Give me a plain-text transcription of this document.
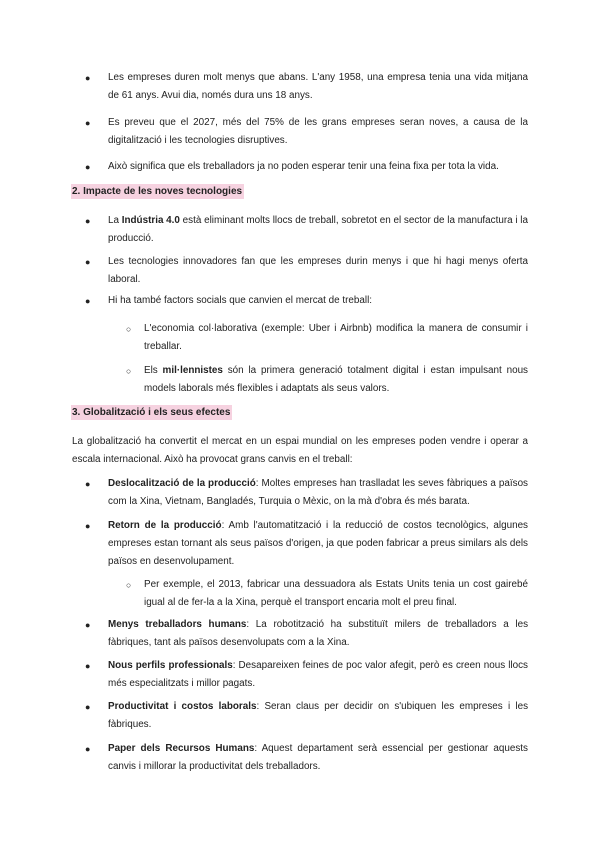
● Les empreses duren molt menys que abans. L'any 1958, una empresa tenia una vida mitjana de 61 anys. Avui dia, només dura uns 18 anys.
● Es preveu que el 2027, més del 75% de les grans empreses seran noves, a causa de la digitalització i les tecnologies disruptives.
● Això significa que els treballadors ja no poden esperar tenir una feina fixa per tota la vida.
2. Impacte de les noves tecnologies
● La Indústria 4.0 està eliminant molts llocs de treball, sobretot en el sector de la manufactura i la producció.
● Les tecnologies innovadores fan que les empreses durin menys i que hi hagi menys oferta laboral.
● Hi ha també factors socials que canvien el mercat de treball:
○ L'economia col·laborativa (exemple: Uber i Airbnb) modifica la manera de consumir i treballar.
○ Els mil·lennistes són la primera generació totalment digital i estan impulsant nous models laborals més flexibles i adaptats als seus valors.
3. Globalització i els seus efectes
La globalització ha convertit el mercat en un espai mundial on les empreses poden vendre i operar a escala internacional. Això ha provocat grans canvis en el treball:
● Deslocalització de la producció: Moltes empreses han traslladat les seves fàbriques a països com la Xina, Vietnam, Bangladés, Turquia o Mèxic, on la mà d'obra és més barata.
● Retorn de la producció: Amb l'automatització i la reducció de costos tecnològics, algunes empreses estan tornant als seus països d'origen, ja que poden fabricar a preus similars als dels països en desenvolupament.
○ Per exemple, el 2013, fabricar una dessuadora als Estats Units tenia un cost gairebé igual al de fer-la a la Xina, perquè el transport encaria molt el preu final.
● Menys treballadors humans: La robotització ha substituït milers de treballadors a les fàbriques, tant als països desenvolupats com a la Xina.
● Nous perfils professionals: Desapareixen feines de poc valor afegit, però es creen nous llocs més especialitzats i millor pagats.
● Productivitat i costos laborals: Seran claus per decidir on s'ubiquen les empreses i les fàbriques.
● Paper dels Recursos Humans: Aquest departament serà essencial per gestionar aquests canvis i millorar la productivitat dels treballadors.
